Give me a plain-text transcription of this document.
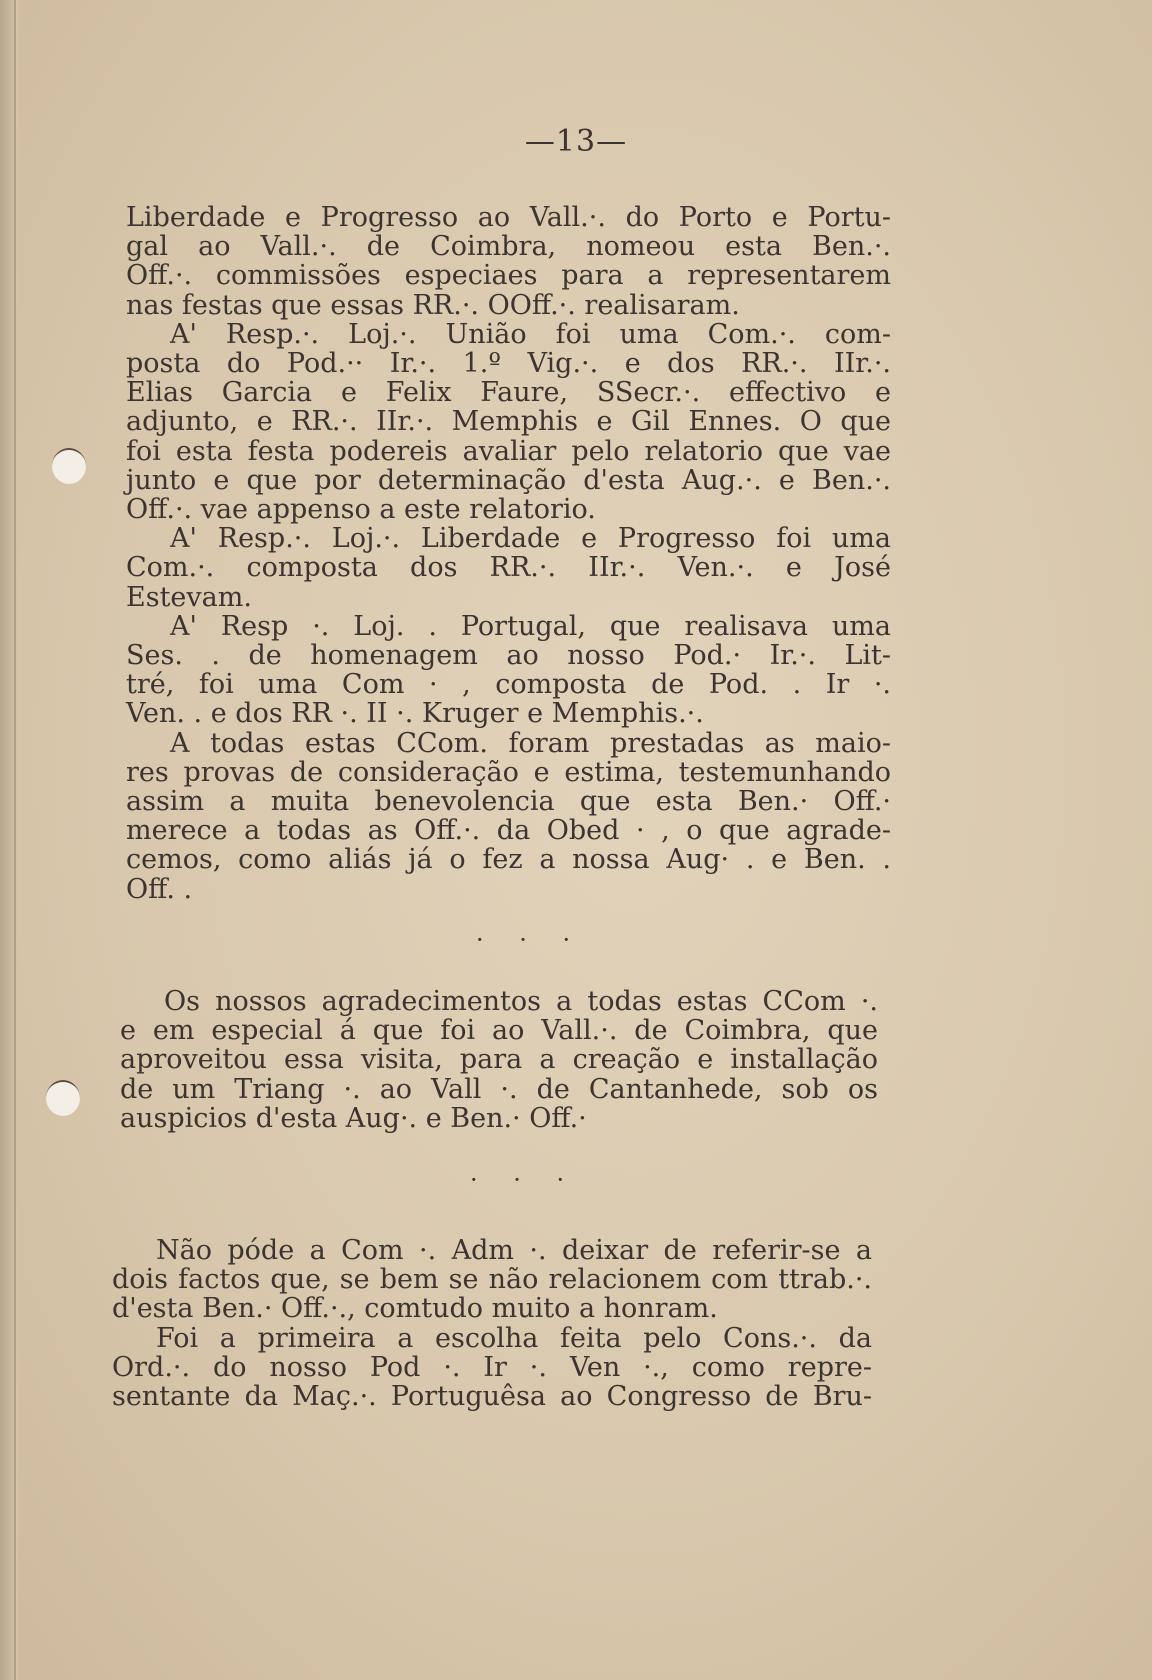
—13—
Liberdade e Progresso ao Vall.·. do Porto e Portu-
gal ao Vall.·. de Coimbra, nomeou esta Ben.·.
Off.·. commissões especiaes para a representarem
nas festas que essas RR.·. OOff.·. realisaram.
A' Resp.·. Loj.·. União foi uma Com.·. com-
posta do Pod.·· Ir.·. 1.º Vig.·. e dos RR.·. IIr.·.
Elias Garcia e Felix Faure, SSecr.·. effectivo e
adjunto, e RR.·. IIr.·. Memphis e Gil Ennes. O que
foi esta festa podereis avaliar pelo relatorio que vae
junto e que por determinação d'esta Aug.·. e Ben.·.
Off.·. vae appenso a este relatorio.
A' Resp.·. Loj.·. Liberdade e Progresso foi uma
Com.·. composta dos RR.·. IIr.·. Ven.·. e José
Estevam.
A' Resp ·. Loj. . Portugal, que realisava uma
Ses. . de homenagem ao nosso Pod.· Ir.·. Lit-
tré, foi uma Com · , composta de Pod. . Ir ·.
Ven. . e dos RR ·. II ·. Kruger e Memphis.·.
A todas estas CCom. foram prestadas as maio-
res provas de consideração e estima, testemunhando
assim a muita benevolencia que esta Ben.· Off.·
merece a todas as Off.·. da Obed · , o que agrade-
cemos, como aliás já o fez a nossa Aug· . e Ben. .
Off. .
· · ·
Os nossos agradecimentos a todas estas CCom ·.
e em especial á que foi ao Vall.·. de Coimbra, que
aproveitou essa visita, para a creação e installação
de um Triang ·. ao Vall ·. de Cantanhede, sob os
auspicios d'esta Aug·. e Ben.· Off.·
· · ·
Não póde a Com ·. Adm ·. deixar de referir-se a
dois factos que, se bem se não relacionem com ttrab.·.
d'esta Ben.· Off.·., comtudo muito a honram.
Foi a primeira a escolha feita pelo Cons.·. da
Ord.·. do nosso Pod ·. Ir ·. Ven ·., como repre-
sentante da Maç.·. Portuguêsa ao Congresso de Bru-
